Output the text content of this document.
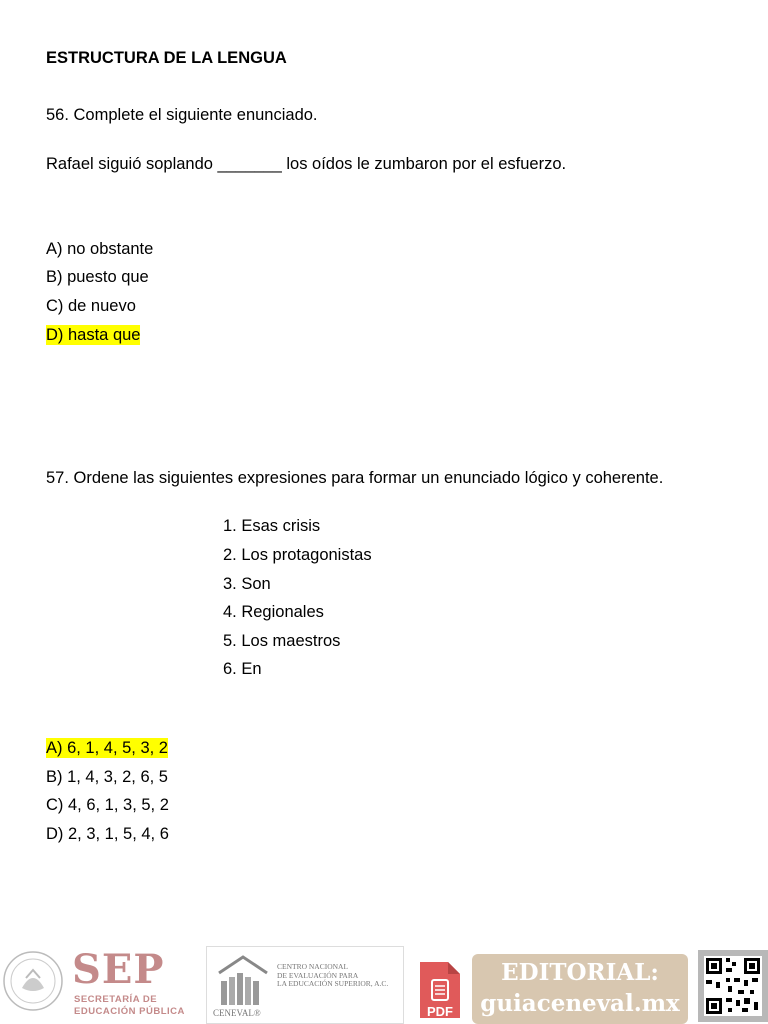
ESTRUCTURA DE LA LENGUA
56. Complete el siguiente enunciado.
Rafael siguió soplando _______ los oídos le zumbaron por el esfuerzo.
A) no obstante
B) puesto que
C) de nuevo
D) hasta que
57. Ordene las siguientes expresiones para formar un enunciado lógico y coherente.
1. Esas crisis
2. Los protagonistas
3. Son
4. Regionales
5. Los maestros
6. En
A) 6, 1, 4, 5, 3, 2
B) 1, 4, 3, 2, 6, 5
C) 4, 6, 1, 3, 5, 2
D) 2, 3, 1, 5, 4, 6
SEP
SECRETARÍA DE
EDUCACIÓN PÚBLICA
CENTRO NACIONAL
DE EVALUACIÓN PARA
LA EDUCACIÓN SUPERIOR, A.C.
CENEVAL®	PDF
EDITORIAL:
guiaceneval.mx
